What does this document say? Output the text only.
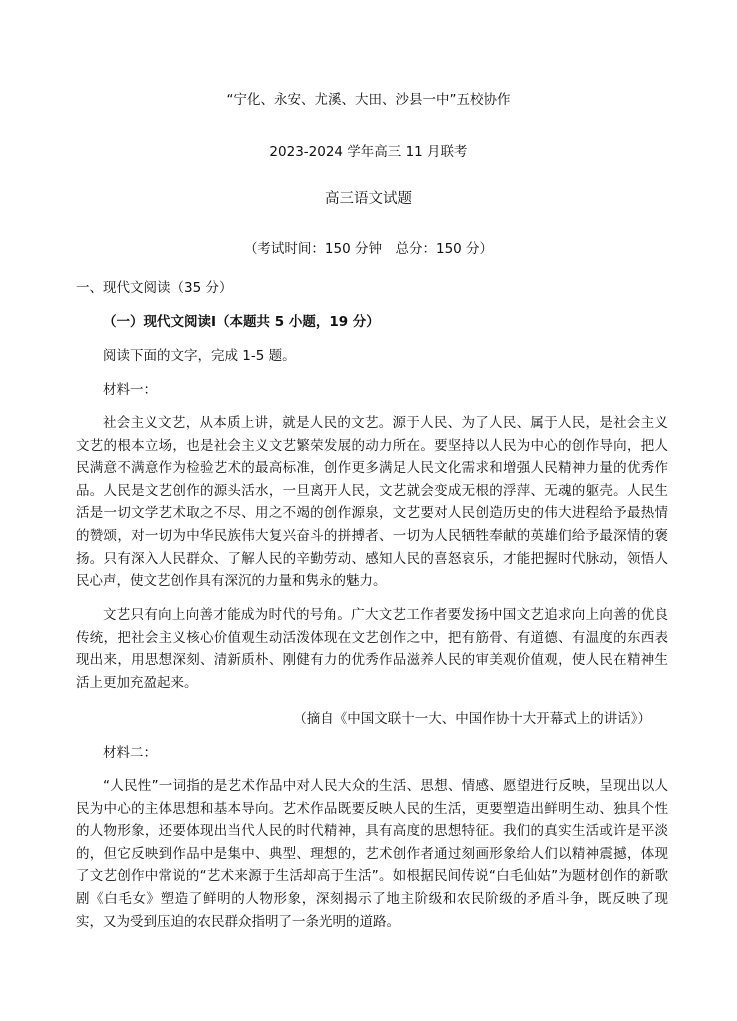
“宁化、永安、尤溪、大田、沙县一中”五校协作
2023-2024 学年高三 11 月联考
高三语文试题
（考试时间：150 分钟　总分：150 分）
一、现代文阅读（35 分）
（一）现代文阅读Ⅰ（本题共 5 小题，19 分）
阅读下面的文字，完成 1-5 题。
材料一：
社会主义文艺，从本质上讲，就是人民的文艺。源于人民、为了人民、属于人民，是社会主义文艺的根本立场，也是社会主义文艺繁荣发展的动力所在。要坚持以人民为中心的创作导向，把人民满意不满意作为检验艺术的最高标准，创作更多满足人民文化需求和增强人民精神力量的优秀作品。人民是文艺创作的源头活水，一旦离开人民，文艺就会变成无根的浮萍、无魂的躯壳。人民生活是一切文学艺术取之不尽、用之不竭的创作源泉，文艺要对人民创造历史的伟大进程给予最热情的赞颂，对一切为中华民族伟大复兴奋斗的拼搏者、一切为人民牺牲奉献的英雄们给予最深情的褒扬。只有深入人民群众、了解人民的辛勤劳动、感知人民的喜怒哀乐，才能把握时代脉动，领悟人民心声，使文艺创作具有深沉的力量和隽永的魅力。
文艺只有向上向善才能成为时代的号角。广大文艺工作者要发扬中国文艺追求向上向善的优良传统，把社会主义核心价值观生动活泼体现在文艺创作之中，把有筋骨、有道德、有温度的东西表现出来，用思想深刻、清新质朴、刚健有力的优秀作品滋养人民的审美观价值观，使人民在精神生活上更加充盈起来。
（摘自《中国文联十一大、中国作协十大开幕式上的讲话》）
材料二：
“人民性”一词指的是艺术作品中对人民大众的生活、思想、情感、愿望进行反映，呈现出以人民为中心的主体思想和基本导向。艺术作品既要反映人民的生活，更要塑造出鲜明生动、独具个性的人物形象，还要体现出当代人民的时代精神，具有高度的思想特征。我们的真实生活或许是平淡的，但它反映到作品中是集中、典型、理想的，艺术创作者通过刻画形象给人们以精神震撼，体现了文艺创作中常说的“艺术来源于生活却高于生活”。如根据民间传说“白毛仙姑”为题材创作的新歌剧《白毛女》塑造了鲜明的人物形象，深刻揭示了地主阶级和农民阶级的矛盾斗争，既反映了现实，又为受到压迫的农民群众指明了一条光明的道路。
